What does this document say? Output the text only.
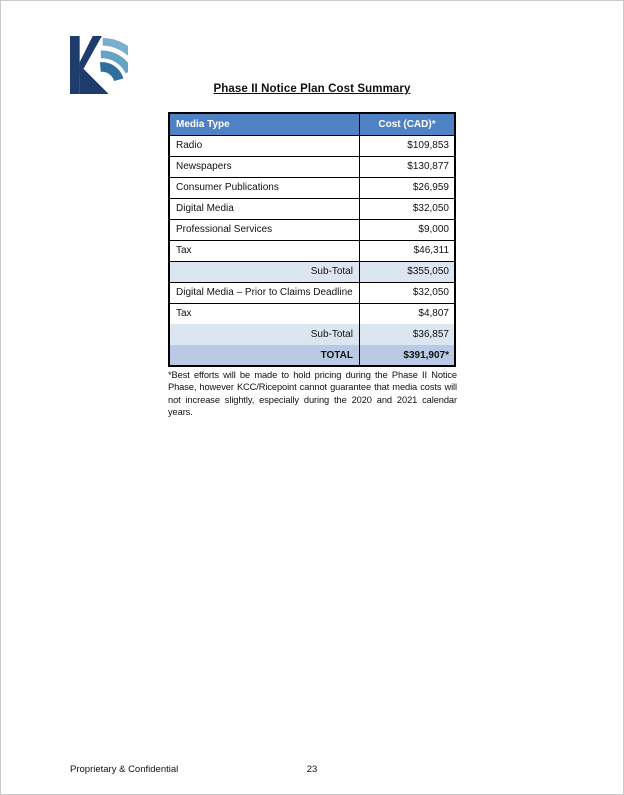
Phase II Notice Plan Cost Summary
Media Type	Cost (CAD)*
Radio	$109,853
Newspapers	$130,877
Consumer Publications	$26,959
Digital Media	$32,050
Professional Services	$9,000
Tax	$46,311
Sub-Total	$355,050
Digital Media – Prior to Claims Deadline	$32,050
Tax	$4,807
Sub-Total	$36,857
TOTAL	$391,907*
*Best efforts will be made to hold pricing during the Phase II Notice Phase, however KCC/Ricepoint cannot guarantee that media costs will not increase slightly, especially during the 2020 and 2021 calendar years.
Proprietary & Confidential	23
